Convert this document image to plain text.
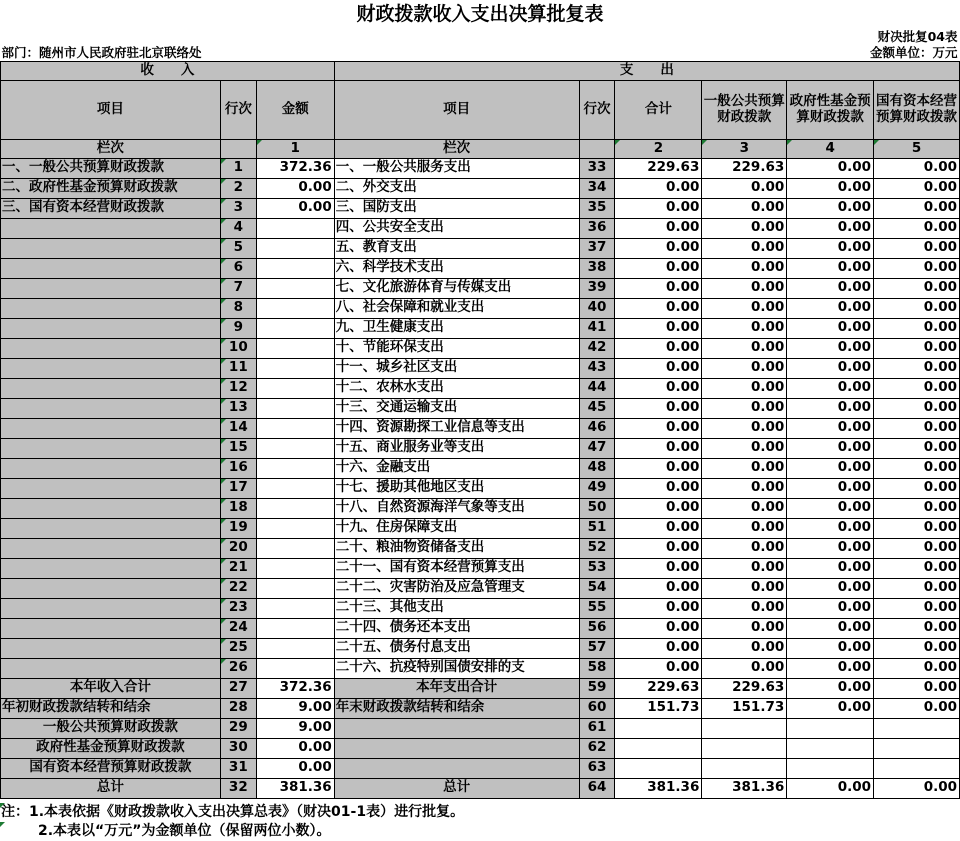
财政拨款收入支出决算批复表								
财决批复04表								
部门：随州市人民政府驻北京联络处				金额单位：万元				
收　　入			支　　出					
项目	行次	金额	项目	行次	合计	一般公共预算财政拨款	政府性基金预算财政拨款	国有资本经营预算财政拨款
栏次		1	栏次		2	3	4	5
一、一般公共预算财政拨款	1	372.36	一、一般公共服务支出	33	229.63	229.63	0.00	0.00
二、政府性基金预算财政拨款	2	0.00	二、外交支出	34	0.00	0.00	0.00	0.00
三、国有资本经营财政拨款	3	0.00	三、国防支出	35	0.00	0.00	0.00	0.00
	4		四、公共安全支出	36	0.00	0.00	0.00	0.00
	5		五、教育支出	37	0.00	0.00	0.00	0.00
	6		六、科学技术支出	38	0.00	0.00	0.00	0.00
	7		七、文化旅游体育与传媒支出	39	0.00	0.00	0.00	0.00
	8		八、社会保障和就业支出	40	0.00	0.00	0.00	0.00
	9		九、卫生健康支出	41	0.00	0.00	0.00	0.00
	10		十、节能环保支出	42	0.00	0.00	0.00	0.00
	11		十一、城乡社区支出	43	0.00	0.00	0.00	0.00
	12		十二、农林水支出	44	0.00	0.00	0.00	0.00
	13		十三、交通运输支出	45	0.00	0.00	0.00	0.00
	14		十四、资源勘探工业信息等支出	46	0.00	0.00	0.00	0.00
	15		十五、商业服务业等支出	47	0.00	0.00	0.00	0.00
	16		十六、金融支出	48	0.00	0.00	0.00	0.00
	17		十七、援助其他地区支出	49	0.00	0.00	0.00	0.00
	18		十八、自然资源海洋气象等支出	50	0.00	0.00	0.00	0.00
	19		十九、住房保障支出	51	0.00	0.00	0.00	0.00
	20		二十、粮油物资储备支出	52	0.00	0.00	0.00	0.00
	21		二十一、国有资本经营预算支出	53	0.00	0.00	0.00	0.00
	22		二十二、灾害防治及应急管理支	54	0.00	0.00	0.00	0.00
	23		二十三、其他支出	55	0.00	0.00	0.00	0.00
	24		二十四、债务还本支出	56	0.00	0.00	0.00	0.00
	25		二十五、债务付息支出	57	0.00	0.00	0.00	0.00
	26		二十六、抗疫特别国债安排的支	58	0.00	0.00	0.00	0.00
本年收入合计	27	372.36	本年支出合计	59	229.63	229.63	0.00	0.00
年初财政拨款结转和结余	28	9.00	年末财政拨款结转和结余	60	151.73	151.73	0.00	0.00
一般公共预算财政拨款	29	9.00		61				
政府性基金预算财政拨款	30	0.00		62				
国有资本经营预算财政拨款	31	0.00		63				
总计	32	381.36	总计	64	381.36	381.36	0.00	0.00
注：1.本表依据《财政拨款收入支出决算总表》（财决01-1表）进行批复。
2.本表以“万元”为金额单位（保留两位小数）。
